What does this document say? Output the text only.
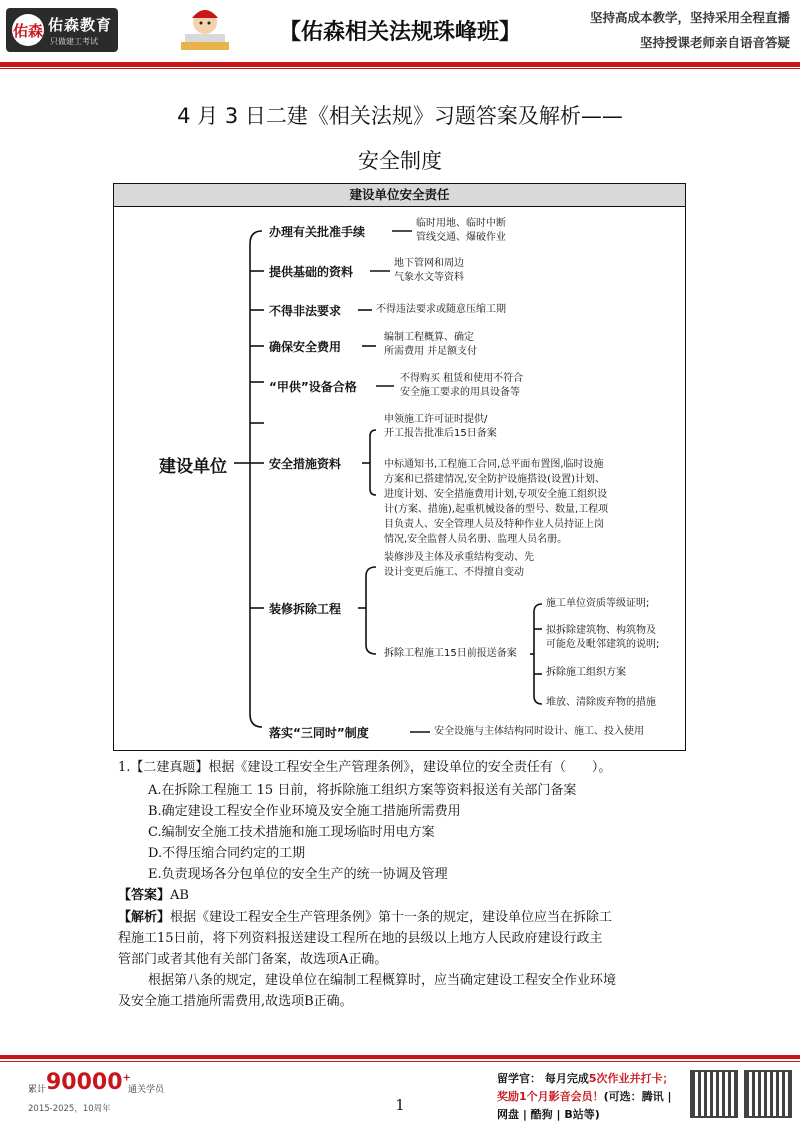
佑森 佑森教育
只做建工考试	【佑森相关法规珠峰班】
坚持高成本教学，坚持采用全程直播
坚持授课老师亲自语音答疑
4 月 3 日二建《相关法规》习题答案及解析——
安全制度
建设单位安全责任
建设单位
办理有关批准手续
提供基础的资料
不得非法要求
确保安全费用
“甲供”设备合格
安全措施资料
装修拆除工程
落实“三同时”制度
临时用地、临时中断
管线交通、爆破作业
地下管网和周边
气象水文等资料
不得违法要求或随意压缩工期
编制工程概算、确定
所需费用 并足额支付
不得购买 租赁和使用不符合
安全施工要求的用具设备等
申领施工许可证时提供/
开工报告批准后15日备案
中标通知书,工程施工合同,总平面布置图,临时设施
方案和已搭建情况,安全防护设施搭设(设置)计划、
进度计划、安全措施费用计划,专项安全施工组织设
计(方案、措施),起重机械设备的型号、数量,工程项
目负责人、安全管理人员及特种作业人员持证上岗
情况,安全监督人员名册、监理人员名册。
装修涉及主体及承重结构变动、先
设计变更后施工、不得擅自变动
拆除工程施工15日前报送备案
施工单位资质等级证明;
拟拆除建筑物、构筑物及
可能危及毗邻建筑的说明;
拆除施工组织方案
堆放、清除废弃物的措施
安全设施与主体结构同时设计、施工、投入使用
1.【二建真题】根据《建设工程安全生产管理条例》，建设单位的安全责任有（　　）。
A.在拆除工程施工 15 日前，将拆除施工组织方案等资料报送有关部门备案
B.确定建设工程安全作业环境及安全施工措施所需费用
C.编制安全施工技术措施和施工现场临时用电方案
D.不得压缩合同约定的工期
E.负责现场各分包单位的安全生产的统一协调及管理
【答案】AB
【解析】根据《建设工程安全生产管理条例》第十一条的规定，建设单位应当在拆除工
程施工15日前，将下列资料报送建设工程所在地的县级以上地方人民政府建设行政主
管部门或者其他有关部门备案，故选项A正确。
根据第八条的规定，建设单位在编制工程概算时，应当确定建设工程安全作业环境
及安全施工措施所需费用,故选项B正确。
累计 90000+
通关学员
2015-2025，10周年	1
留学官： 每月完成5次作业并打卡；
奖励1个月影音会员！(可选：腾讯 |
网盘 | 酷狗 | B站等)
